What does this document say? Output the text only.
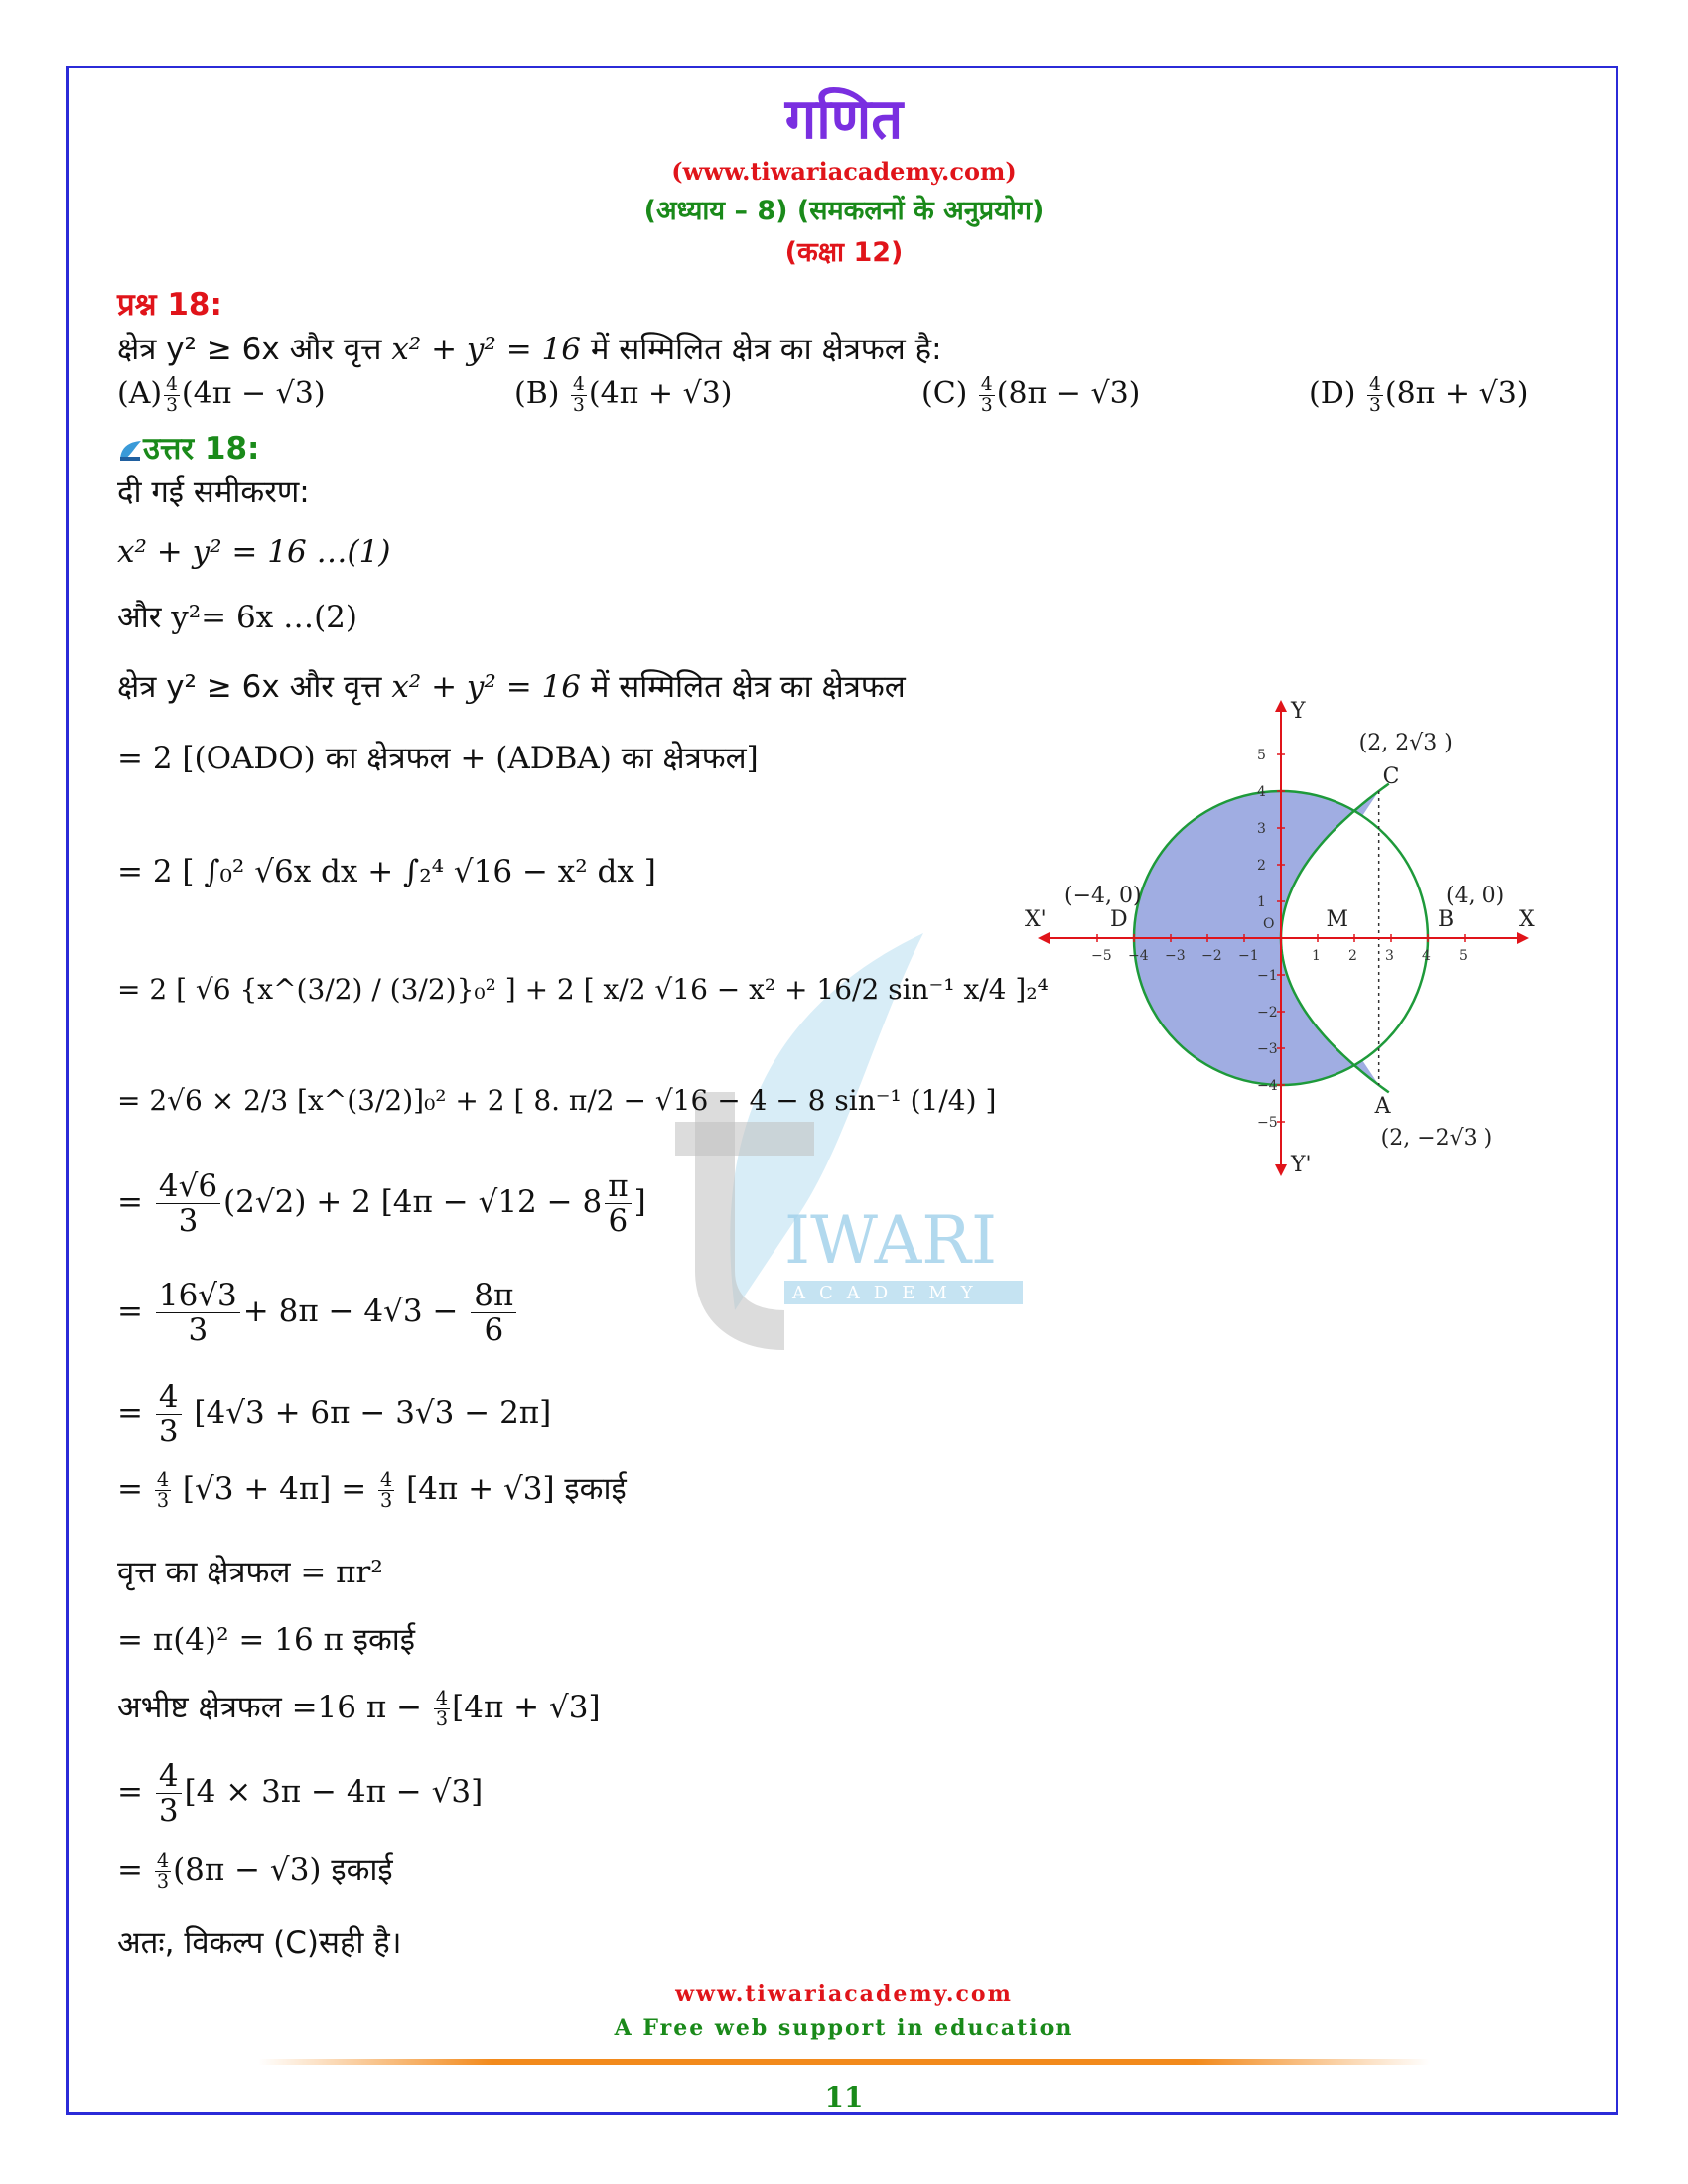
IWARI
ACADEMY
गणित
(www.tiwariacademy.com)
(अध्याय – 8) (समकलनों के अनुप्रयोग)
(कक्षा 12)
प्रश्न 18:
क्षेत्र y² ≥ 6x और वृत्त x² + y² = 16 में सम्मिलित क्षेत्र का क्षेत्रफल है:
$(A) \frac{4}{3} (4\pi - √3)$	$(B) \frac{4}{3} (4\pi + √3)$	$(C) \frac{4}{3} (8\pi - √3)$	$(D) \frac{4}{3} (8\pi + √3)$
उत्तर 18:
दी गई समीकरण:
x² + y² = 16 …(1)
और y²= 6x …(2)
क्षेत्र y² ≥ 6x और वृत्त x² + y² = 16 में सम्मिलित क्षेत्र का क्षेत्रफल
= 2 [(OADO) का क्षेत्रफल + (ADBA) का क्षेत्रफल]
= 2 [ ∫₀² √6x dx + ∫₂⁴ √16 − x² dx ]
= 2 [ √6 {x^(3/2) / (3/2)}₀² ] + 2 [ x/2 √16 − x² + 16/2 sin⁻¹ x/4 ]₂⁴
= 2√6 × 2/3 [x^(3/2)]₀² + 2 [ 8. π/2 − √16 − 4 − 8 sin⁻¹ (1/4) ]
= $\frac{4√6}{3} (2√2) + 2$ [$4\pi - √12 - 8 \frac{\pi}{6}$ ]
= $\frac{16√3}{3} + 8\pi - 4√3 - \frac{8\pi}{6}$
= $\frac{4}{3} [4√3 + 6\pi - 3√3 - 2\pi]$
= $\frac{4}{3} [√3 + 4\pi] = \frac{4}{3} [4\pi + √3]$ इकाई
वृत्त का क्षेत्रफल = πr²
= π(4)² = 16 π इकाई
अभीष्ट क्षेत्रफल =16 $\pi - \frac{4}{3} [4\pi + √3]$
= $\frac{4}{3} [4 \times 3\pi - 4\pi - √3]$
= $\frac{4}{3} (8\pi - √3)$ इकाई
अतः, विकल्प (C)सही है।
−5 −4 −3 −2 −1	1 2 3 4 5
5
4
3
2
1
−1
−2
−3
−4
−5
X
X'
Y
Y'
O M	B
D
C
A
(2, 2√3 )
(2, −2√3 )
(4, 0)
(−4, 0)
www.tiwariacademy.com
A Free web support in education
11
